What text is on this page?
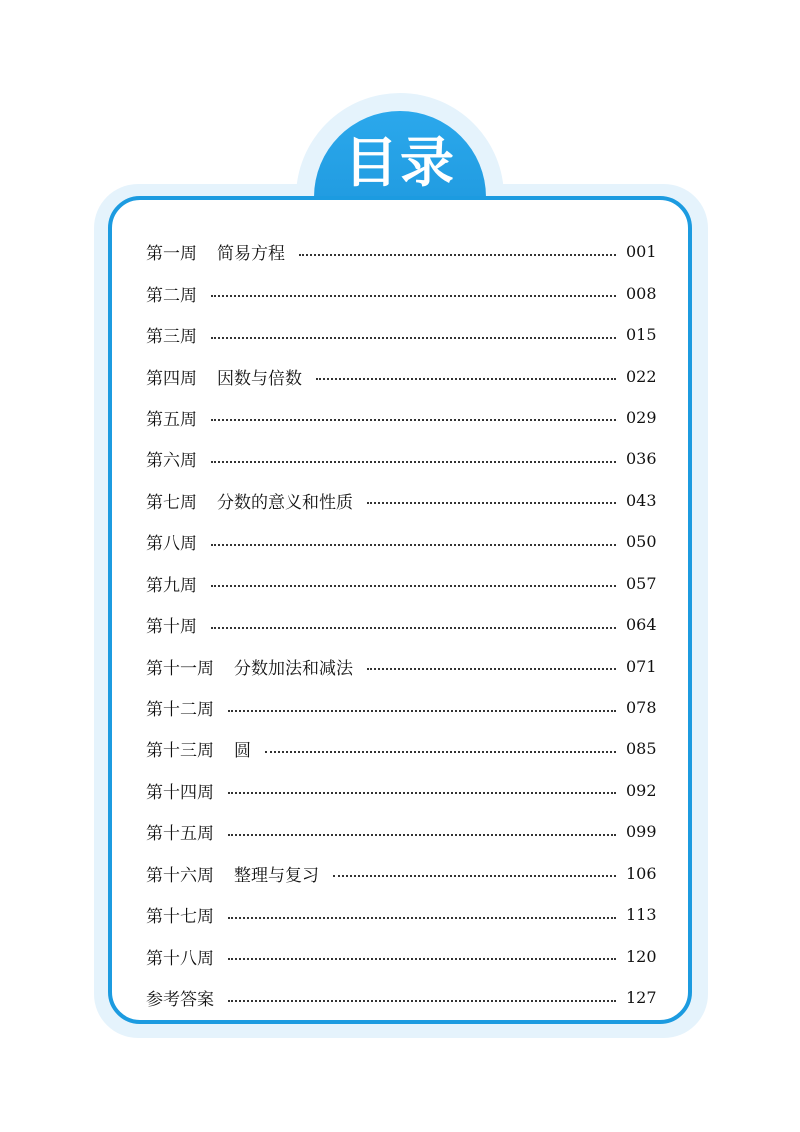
目录
第一周 简易方程	001
第二周	008
第三周	015
第四周 因数与倍数	022
第五周	029
第六周	036
第七周 分数的意义和性质	043
第八周	050
第九周	057
第十周	064
第十一周 分数加法和减法	071
第十二周	078
第十三周 圆	085
第十四周	092
第十五周	099
第十六周 整理与复习	106
第十七周	113
第十八周	120
参考答案	127
